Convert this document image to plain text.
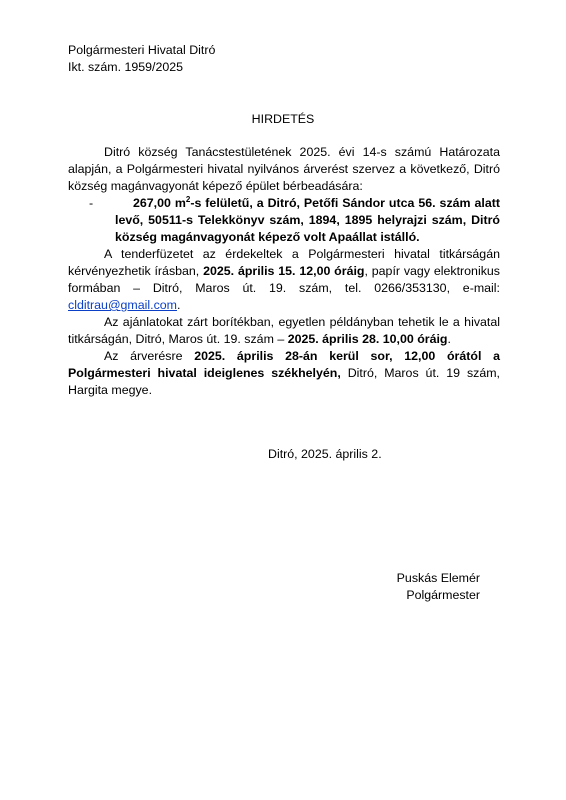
Polgármesteri Hivatal Ditró
Ikt. szám. 1959/2025
HIRDETÉS

Ditró község Tanácstestületének 2025. évi 14-s számú Határozata alapján, a Polgármesteri hivatal nyilvános árverést szervez a következő, Ditró község magánvagyonát képező épület bérbeadására:

-	267,00 $m^2-s$ felületű, a Ditró, Petőfi Sándor utca 56. szám alatt levő, 50511-s Telekkönyv szám, 1894, 1895 helyrajzi szám, Ditró község magánvagyonát képező volt Apaállat istálló.

A tenderfüzetet az érdekeltek a Polgármesteri hivatal titkárságán kérvényezhetik írásban, 2025. április 15. 12,00 óráig, papír vagy elektronikus formában – Ditró, Maros út. 19. szám, tel. 0266/353130, e-mail: clditrau@gmail.com.

Az ajánlatokat zárt borítékban, egyetlen példányban tehetik le a hivatal titkárságán, Ditró, Maros út. 19. szám – 2025. április 28. 10,00 óráig.

Az árverésre 2025. április 28-án kerül sor, 12,00 órától a Polgármesteri hivatal ideiglenes székhelyén, Ditró, Maros út. 19 szám, Hargita megye.

Ditró, 2025. április 2.
Puskás Elemér
Polgármester
